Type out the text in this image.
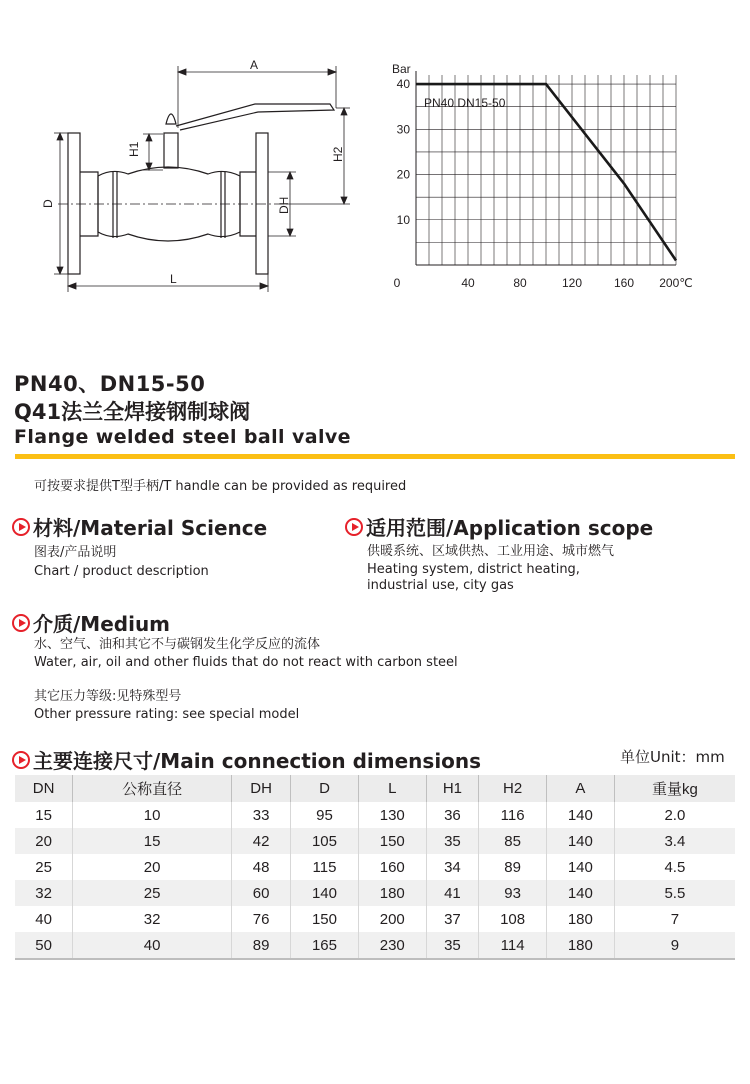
A
H1	H2
D	DH
L	0	40	80	120	160 200℃
10
20
30
40
PN40 DN15-50
Bar
PN40、DN15-50
Q41法兰全焊接钢制球阀
Flange welded steel ball valve
可按要求提供T型手柄/T handle can be provided as required
材料/Material Science
图表/产品说明
Chart / product description
适用范围/Application scope
供暖系统、区域供热、工业用途、城市燃气
Heating system, district heating,
industrial use, city gas
介质/Medium
水、空气、油和其它不与碳钢发生化学反应的流体
Water, air, oil and other fluids that do not react with carbon steel
其它压力等级:见特殊型号
Other pressure rating: see special model
主要连接尺寸/Main connection dimensions	单位Unit：mm
DN	公称直径	DH	D	L	H1	H2	A	重量kg
15	10	33	95	130	36	116	140	2.0
20	15	42	105	150	35	85	140	3.4
25	20	48	115	160	34	89	140	4.5
32	25	60	140	180	41	93	140	5.5
40	32	76	150	200	37	108	180	7
50	40	89	165	230	35	114	180	9
